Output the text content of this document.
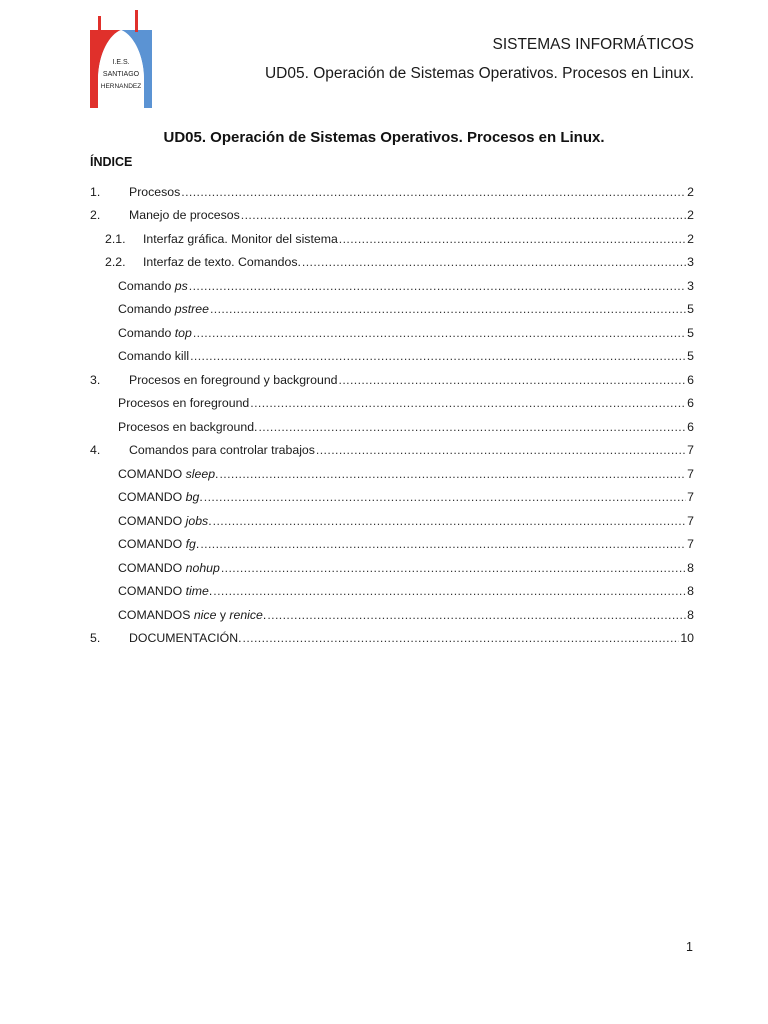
I.E.S.
SANTIAGO
HERNANDEZ
SISTEMAS INFORMÁTICOS
UD05. Operación de Sistemas Operativos. Procesos en Linux.
UD05. Operación de Sistemas Operativos. Procesos en Linux.
ÍNDICE
1.	Procesos .....	2
2.	Manejo de procesos .....	2
2.1.	Interfaz gráfica. Monitor del sistema .....	2
2.2.	Interfaz de texto. Comandos. .....	3
Comando ps .....	3
Comando pstree .....	5
Comando top .....	5
Comando kill .....	5
3.	Procesos en foreground y background .....	6
Procesos en foreground .....	6
Procesos en background. .....	6
4.	Comandos para controlar trabajos .....	7
COMANDO sleep. .....	7
COMANDO bg. .....	7
COMANDO jobs. .....	7
COMANDO fg. .....	7
COMANDO nohup .....	8
COMANDO time. .....	8
COMANDOS nice y renice. .....	8
5.	DOCUMENTACIÓN. .....	10
1
